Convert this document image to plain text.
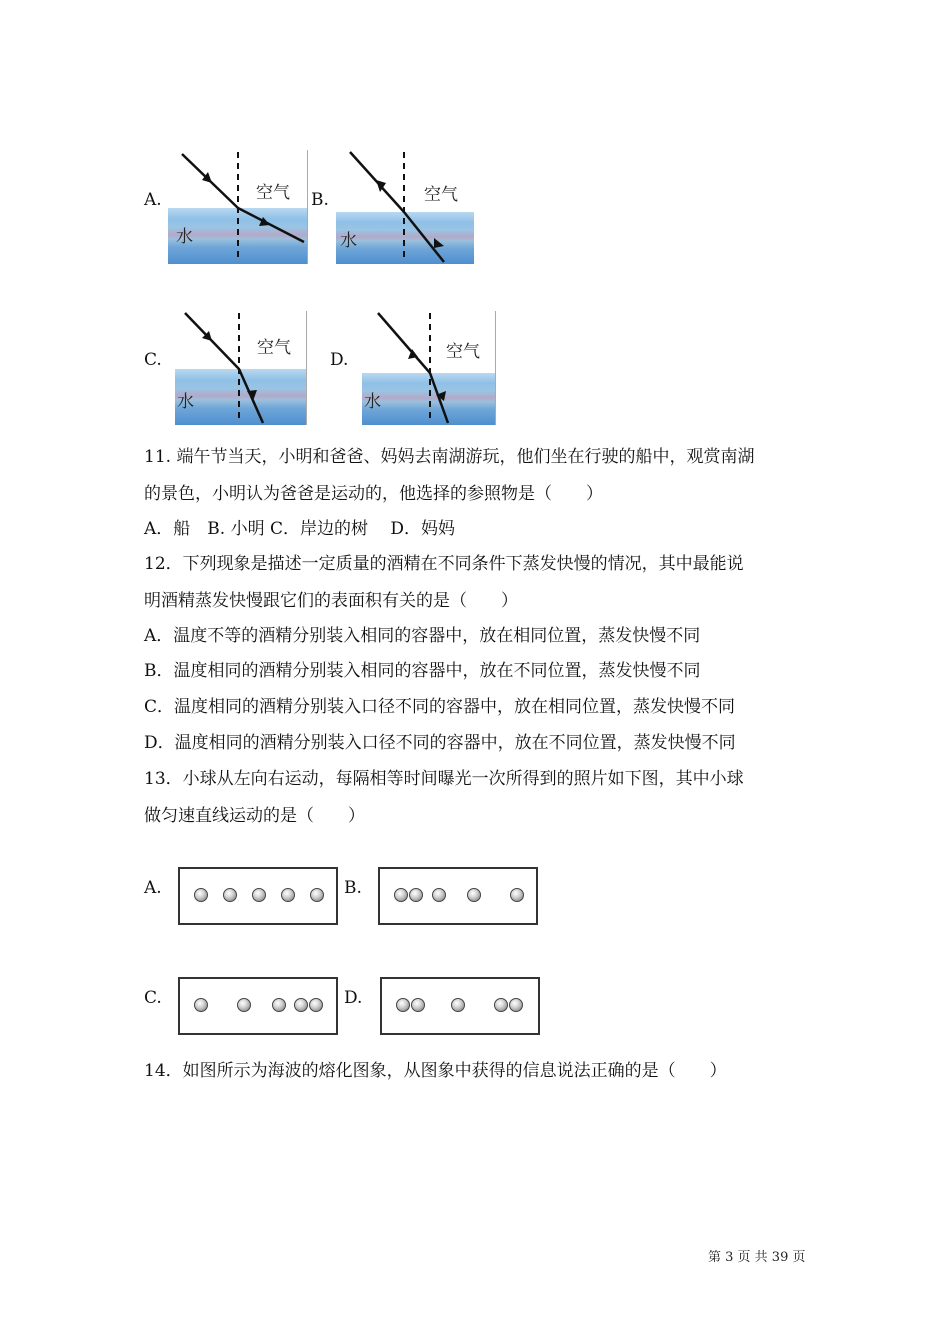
A.	空气
水
B.	空气
水
C.
空气
水
D.	空气
水
11. 端午节当天，小明和爸爸、妈妈去南湖游玩，他们坐在行驶的船中，观赏南湖
的景色，小明认为爸爸是运动的，他选择的参照物是（　　）
A．船　B. 小明 C．岸边的树　 D．妈妈
12．下列现象是描述一定质量的酒精在不同条件下蒸发快慢的情况，其中最能说
明酒精蒸发快慢跟它们的表面积有关的是（　　）
A．温度不等的酒精分别装入相同的容器中，放在相同位置，蒸发快慢不同
B．温度相同的酒精分别装入相同的容器中，放在不同位置，蒸发快慢不同
C．温度相同的酒精分别装入口径不同的容器中，放在相同位置，蒸发快慢不同
D．温度相同的酒精分别装入口径不同的容器中，放在不同位置，蒸发快慢不同
13．小球从左向右运动，每隔相等时间曝光一次所得到的照片如下图，其中小球
做匀速直线运动的是（　　）
A.	B.
C.	D.
14．如图所示为海波的熔化图象，从图象中获得的信息说法正确的是（　　）
第 3 页 共 39 页
